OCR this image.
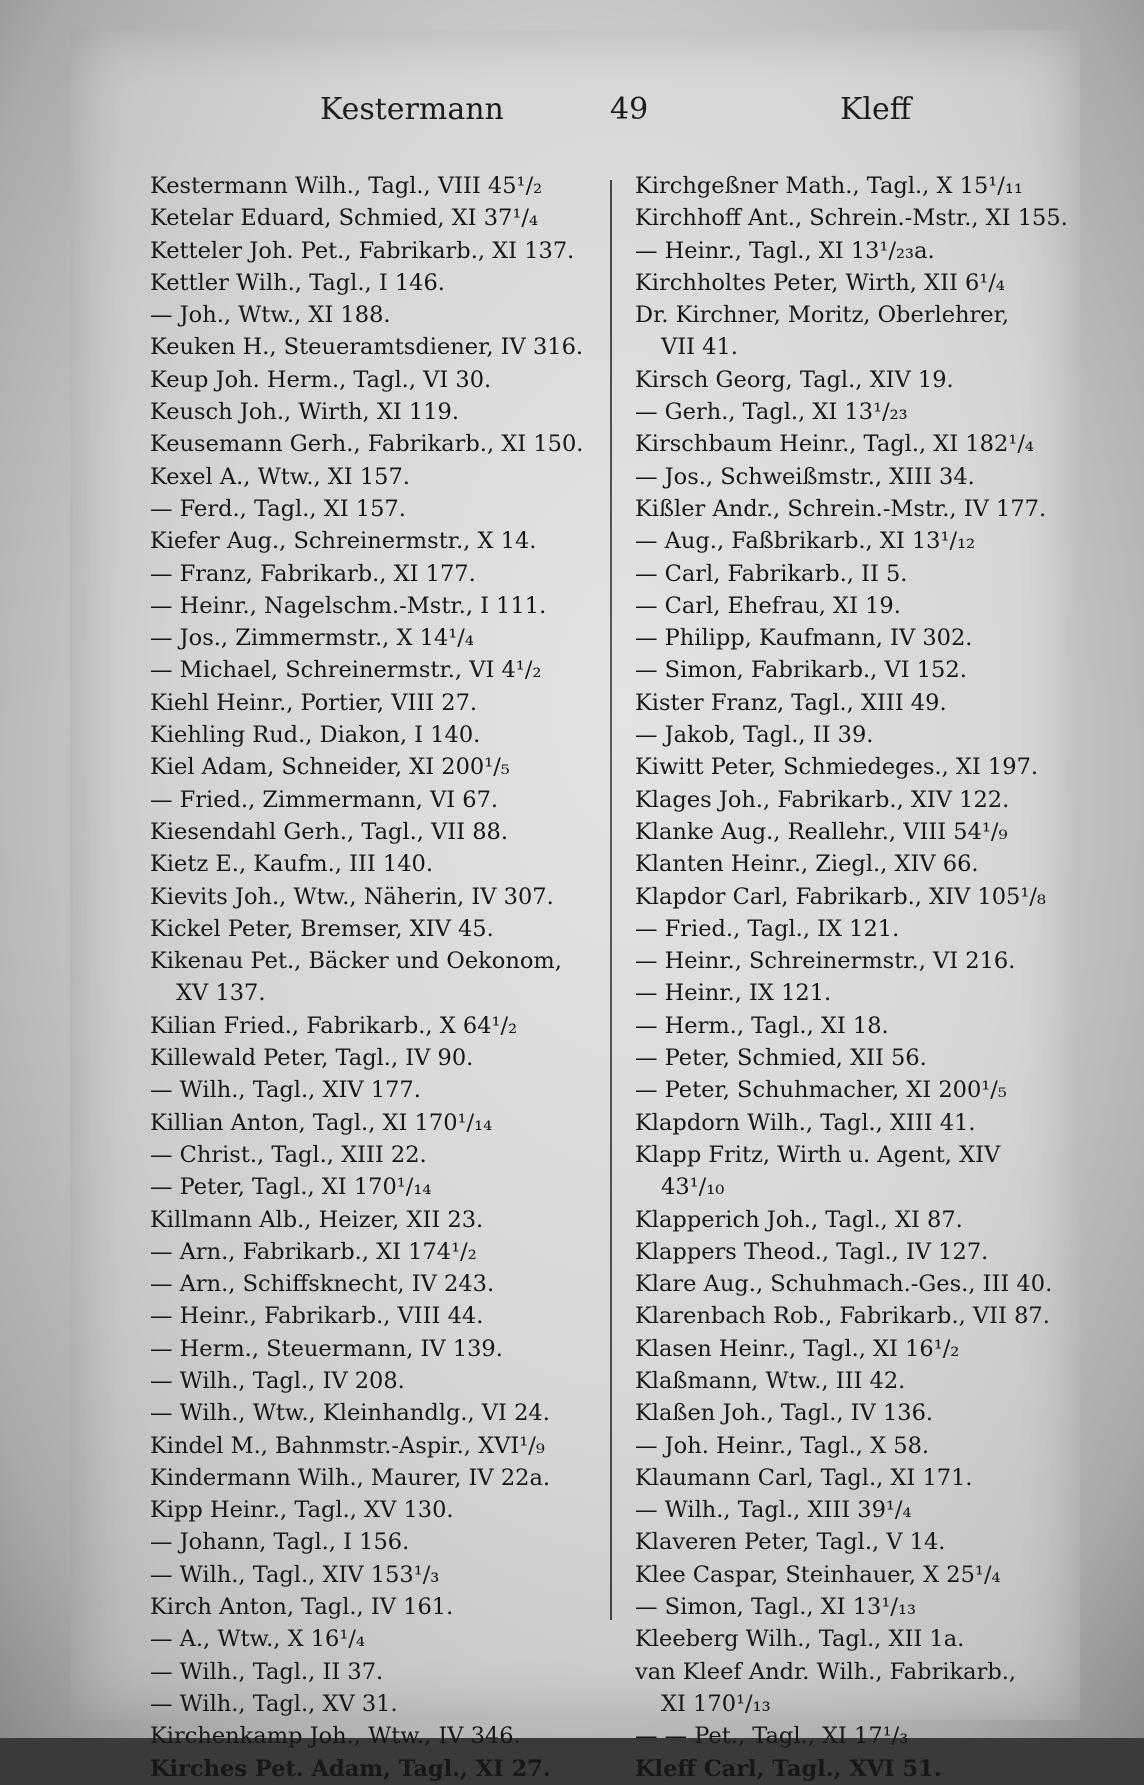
Kestermann	49	Kleff
Kestermann Wilh., Tagl., VIII 45¹/₂
Ketelar Eduard, Schmied, XI 37¹/₄
Ketteler Joh. Pet., Fabrikarb., XI 137.
Kettler Wilh., Tagl., I 146.
— Joh., Wtw., XI 188.
Keuken H., Steueramtsdiener, IV 316.
Keup Joh. Herm., Tagl., VI 30.
Keusch Joh., Wirth, XI 119.
Keusemann Gerh., Fabrikarb., XI 150.
Kexel A., Wtw., XI 157.
— Ferd., Tagl., XI 157.
Kiefer Aug., Schreinermstr., X 14.
— Franz, Fabrikarb., XI 177.
— Heinr., Nagelschm.-Mstr., I 111.
— Jos., Zimmermstr., X 14¹/₄
— Michael, Schreinermstr., VI 4¹/₂
Kiehl Heinr., Portier, VIII 27.
Kiehling Rud., Diakon, I 140.
Kiel Adam, Schneider, XI 200¹/₅
— Fried., Zimmermann, VI 67.
Kiesendahl Gerh., Tagl., VII 88.
Kietz E., Kaufm., III 140.
Kievits Joh., Wtw., Näherin, IV 307.
Kickel Peter, Bremser, XIV 45.
Kikenau Pet., Bäcker und Oekonom,
XV 137.
Kilian Fried., Fabrikarb., X 64¹/₂
Killewald Peter, Tagl., IV 90.
— Wilh., Tagl., XIV 177.
Killian Anton, Tagl., XI 170¹/₁₄
— Christ., Tagl., XIII 22.
— Peter, Tagl., XI 170¹/₁₄
Killmann Alb., Heizer, XII 23.
— Arn., Fabrikarb., XI 174¹/₂
— Arn., Schiffsknecht, IV 243.
— Heinr., Fabrikarb., VIII 44.
— Herm., Steuermann, IV 139.
— Wilh., Tagl., IV 208.
— Wilh., Wtw., Kleinhandlg., VI 24.
Kindel M., Bahnmstr.-Aspir., XVI¹/₉
Kindermann Wilh., Maurer, IV 22a.
Kipp Heinr., Tagl., XV 130.
— Johann, Tagl., I 156.
— Wilh., Tagl., XIV 153¹/₃
Kirch Anton, Tagl., IV 161.
— A., Wtw., X 16¹/₄
— Wilh., Tagl., II 37.
— Wilh., Tagl., XV 31.
Kirchenkamp Joh., Wtw., IV 346.
Kirches Pet. Adam, Tagl., XI 27.
Kirchgeßner Math., Tagl., X 15¹/₁₁
Kirchhoff Ant., Schrein.-Mstr., XI 155.
— Heinr., Tagl., XI 13¹/₂₃a.
Kirchholtes Peter, Wirth, XII 6¹/₄
Dr. Kirchner, Moritz, Oberlehrer,
VII 41.
Kirsch Georg, Tagl., XIV 19.
— Gerh., Tagl., XI 13¹/₂₃
Kirschbaum Heinr., Tagl., XI 182¹/₄
— Jos., Schweißmstr., XIII 34.
Kißler Andr., Schrein.-Mstr., IV 177.
— Aug., Faßbrikarb., XI 13¹/₁₂
— Carl, Fabrikarb., II 5.
— Carl, Ehefrau, XI 19.
— Philipp, Kaufmann, IV 302.
— Simon, Fabrikarb., VI 152.
Kister Franz, Tagl., XIII 49.
— Jakob, Tagl., II 39.
Kiwitt Peter, Schmiedeges., XI 197.
Klages Joh., Fabrikarb., XIV 122.
Klanke Aug., Reallehr., VIII 54¹/₉
Klanten Heinr., Ziegl., XIV 66.
Klapdor Carl, Fabrikarb., XIV 105¹/₈
— Fried., Tagl., IX 121.
— Heinr., Schreinermstr., VI 216.
— Heinr., IX 121.
— Herm., Tagl., XI 18.
— Peter, Schmied, XII 56.
— Peter, Schuhmacher, XI 200¹/₅
Klapdorn Wilh., Tagl., XIII 41.
Klapp Fritz, Wirth u. Agent, XIV
43¹/₁₀
Klapperich Joh., Tagl., XI 87.
Klappers Theod., Tagl., IV 127.
Klare Aug., Schuhmach.-Ges., III 40.
Klarenbach Rob., Fabrikarb., VII 87.
Klasen Heinr., Tagl., XI 16¹/₂
Klaßmann, Wtw., III 42.
Klaßen Joh., Tagl., IV 136.
— Joh. Heinr., Tagl., X 58.
Klaumann Carl, Tagl., XI 171.
— Wilh., Tagl., XIII 39¹/₄
Klaveren Peter, Tagl., V 14.
Klee Caspar, Steinhauer, X 25¹/₄
— Simon, Tagl., XI 13¹/₁₃
Kleeberg Wilh., Tagl., XII 1a.
van Kleef Andr. Wilh., Fabrikarb.,
XI 170¹/₁₃
— — Pet., Tagl., XI 17¹/₃
Kleff Carl, Tagl., XVI 51.
